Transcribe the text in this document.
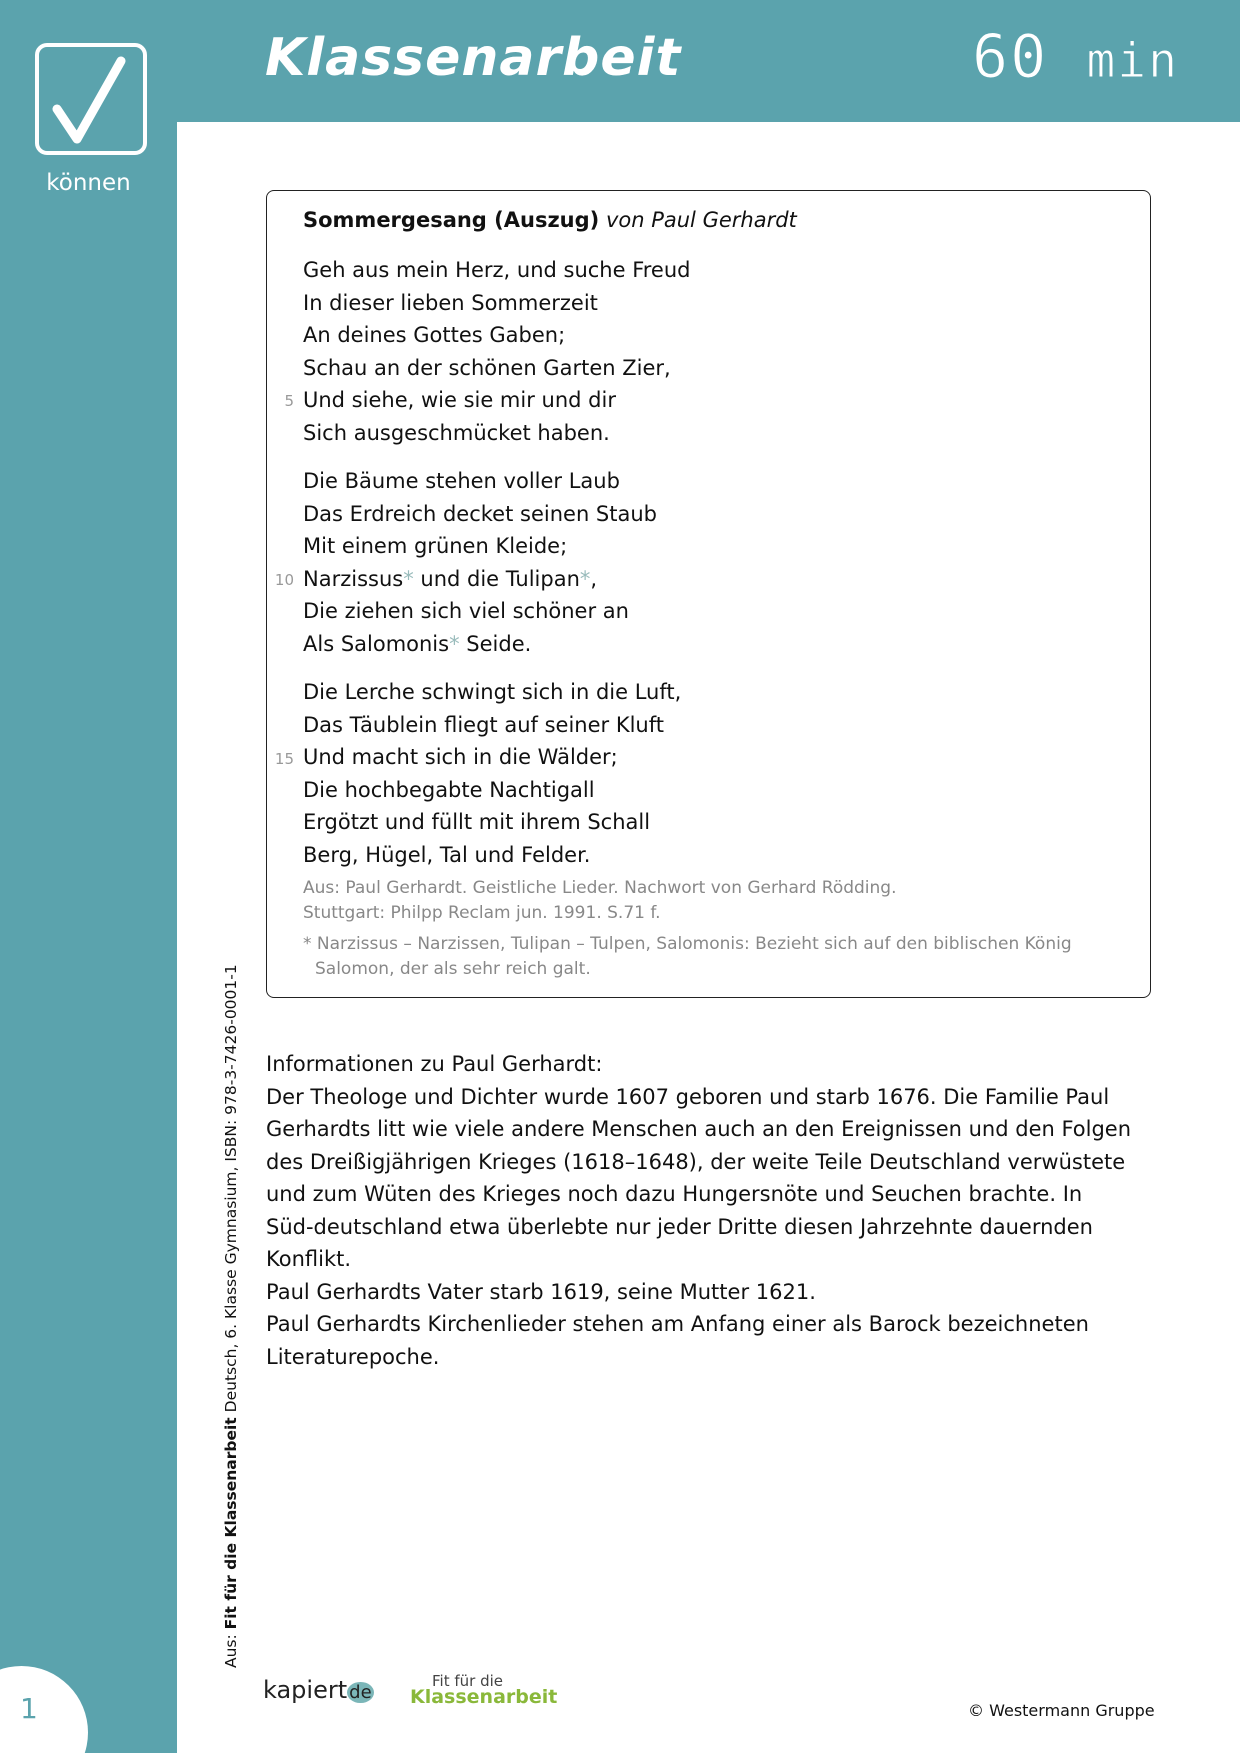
können
Klassenarbeit	60 min
Sommergesang (Auszug) von Paul Gerhardt
Geh aus mein Herz, und suche Freud
In dieser lieben Sommerzeit
An deines Gottes Gaben;
Schau an der schönen Garten Zier,
Und siehe, wie sie mir und dir
Sich ausgeschmücket haben.
Die Bäume stehen voller Laub
Das Erdreich decket seinen Staub
Mit einem grünen Kleide;
Narzissus* und die Tulipan*,
Die ziehen sich viel schöner an
Als Salomonis* Seide.
Die Lerche schwingt sich in die Luft,
Das Täublein fliegt auf seiner Kluft
Und macht sich in die Wälder;
Die hochbegabte Nachtigall
Ergötzt und füllt mit ihrem Schall
Berg, Hügel, Tal und Felder.
5
10
15
Aus: Paul Gerhardt. Geistliche Lieder. Nachwort von Gerhard Rödding.
Stuttgart: Philpp Reclam jun. 1991. S.71 f.
* Narzissus – Narzissen, Tulipan – Tulpen, Salomonis: Bezieht sich auf den biblischen König Salomon, der als sehr reich galt.
Informationen zu Paul Gerhardt:
Der Theologe und Dichter wurde 1607 geboren und starb 1676. Die Familie Paul Gerhardts litt wie viele andere Menschen auch an den Ereignissen und den Folgen des Dreißigjährigen Krieges (1618–1648), der weite Teile Deutschland verwüstete und zum Wüten des Krieges noch dazu Hungersnöte und Seuchen brachte. In Süd-deutschland etwa überlebte nur jeder Dritte diesen Jahrzehnte dauernden Konflikt.
Paul Gerhardts Vater starb 1619, seine Mutter 1621.
Paul Gerhardts Kirchenlieder stehen am Anfang einer als Barock bezeichneten Literaturepoche.
Aus: Fit für die Klassenarbeit Deutsch, 6. Klasse Gymnasium, ISBN: 978-3-7426-0001-1
1
kapiert de
Fit für die
Klassenarbeit
© Westermann Gruppe
